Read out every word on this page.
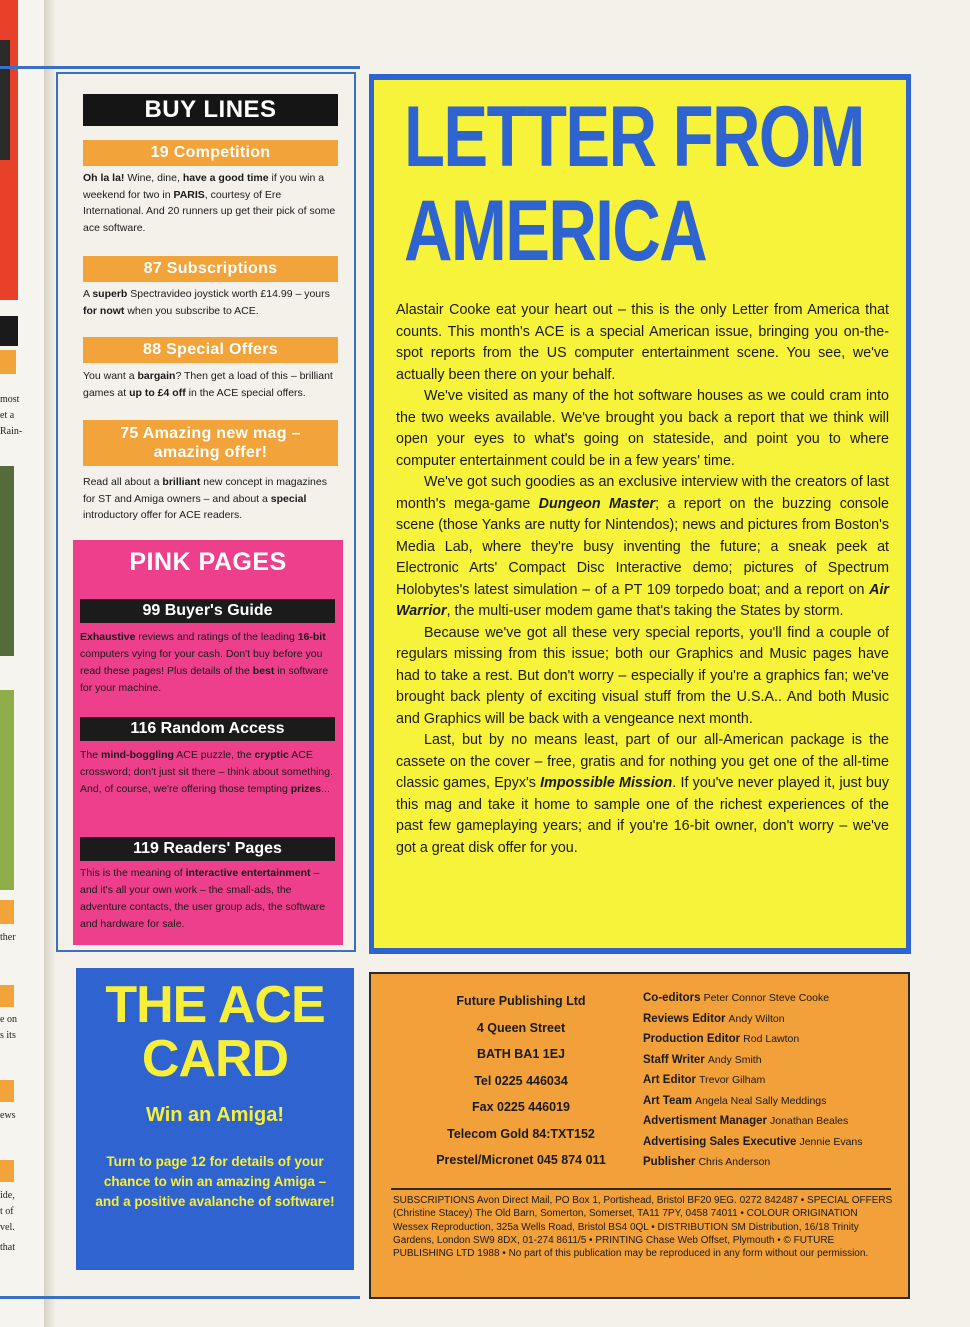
most
et a
Rain-
ther
e on
s its
ews
ide,
t of
vel.
that
BUY LINES
19 Competition
Oh la la! Wine, dine, have a good time if you win a weekend for two in PARIS, courtesy of Ere International. And 20 runners up get their pick of some ace software.
87 Subscriptions
A superb Spectravideo joystick worth £14.99 – yours for nowt when you subscribe to ACE.
88 Special Offers
You want a bargain? Then get a load of this – brilliant games at up to £4 off in the ACE special offers.
75 Amazing new mag –
amazing offer!
Read all about a brilliant new concept in magazines for ST and Amiga owners – and about a special introductory offer for ACE readers.
PINK PAGES
99 Buyer's Guide
Exhaustive reviews and ratings of the leading 16-bit computers vying for your cash. Don't buy before you read these pages! Plus details of the best in software for your machine.
116 Random Access
The mind-boggling ACE puzzle, the cryptic ACE crossword; don't just sit there – think about something. And, of course, we're offering those tempting prizes...
119 Readers' Pages
This is the meaning of interactive entertainment – and it's all your own work – the small-ads, the adventure contacts, the user group ads, the software and hardware for sale.
THE ACE
CARD
Win an Amiga!
Turn to page 12 for details of your chance to win an amazing Amiga – and a positive avalanche of software!
LETTER FROM
AMERICA

Alastair Cooke eat your heart out – this is the only Letter from America that counts. This month's ACE is a special American issue, bringing you on-the-spot reports from the US computer entertainment scene. You see, we've actually been there on your behalf.

We've visited as many of the hot software houses as we could cram into the two weeks available. We've brought you back a report that we think will open your eyes to what's going on stateside, and point you to where computer entertainment could be in a few years' time.

We've got such goodies as an exclusive interview with the creators of last month's mega-game Dungeon Master; a report on the buzzing console scene (those Yanks are nutty for Nintendos); news and pictures from Boston's Media Lab, where they're busy inventing the future; a sneak peek at Electronic Arts' Compact Disc Interactive demo; pictures of Spectrum Holobytes's latest simulation – of a PT 109 torpedo boat; and a report on Air Warrior, the multi-user modem game that's taking the States by storm.

Because we've got all these very special reports, you'll find a couple of regulars missing from this issue; both our Graphics and Music pages have had to take a rest. But don't worry – especially if you're a graphics fan; we've brought back plenty of exciting visual stuff from the U.S.A.. And both Music and Graphics will be back with a vengeance next month.

Last, but by no means least, part of our all-American package is the cassete on the cover – free, gratis and for nothing you get one of the all-time classic games, Epyx's Impossible Mission. If you've never played it, just buy this mag and take it home to sample one of the richest experiences of the past few gameplaying years; and if you're 16-bit owner, don't worry – we've got a great disk offer for you.

Future Publishing Ltd
4 Queen Street
BATH BA1 1EJ
Tel 0225 446034
Fax 0225 446019
Telecom Gold 84:TXT152
Prestel/Micronet 045 874 011
Co-editors Peter Connor Steve Cooke
Reviews Editor Andy Wilton
Production Editor Rod Lawton
Staff Writer Andy Smith
Art Editor Trevor Gilham
Art Team Angela Neal Sally Meddings
Advertisment Manager Jonathan Beales
Advertising Sales Executive Jennie Evans
Publisher Chris Anderson
SUBSCRIPTIONS Avon Direct Mail, PO Box 1, Portishead, Bristol BF20 9EG. 0272 842487 • SPECIAL OFFERS (Christine Stacey) The Old Barn, Somerton, Somerset, TA11 7PY, 0458 74011 • COLOUR ORIGINATION Wessex Reproduction, 325a Wells Road, Bristol BS4 0QL • DISTRIBUTION SM Distribution, 16/18 Trinity Gardens, London SW9 8DX, 01-274 8611/5 • PRINTING Chase Web Offset, Plymouth • © FUTURE PUBLISHING LTD 1988 • No part of this publication may be reproduced in any form without our permission.
